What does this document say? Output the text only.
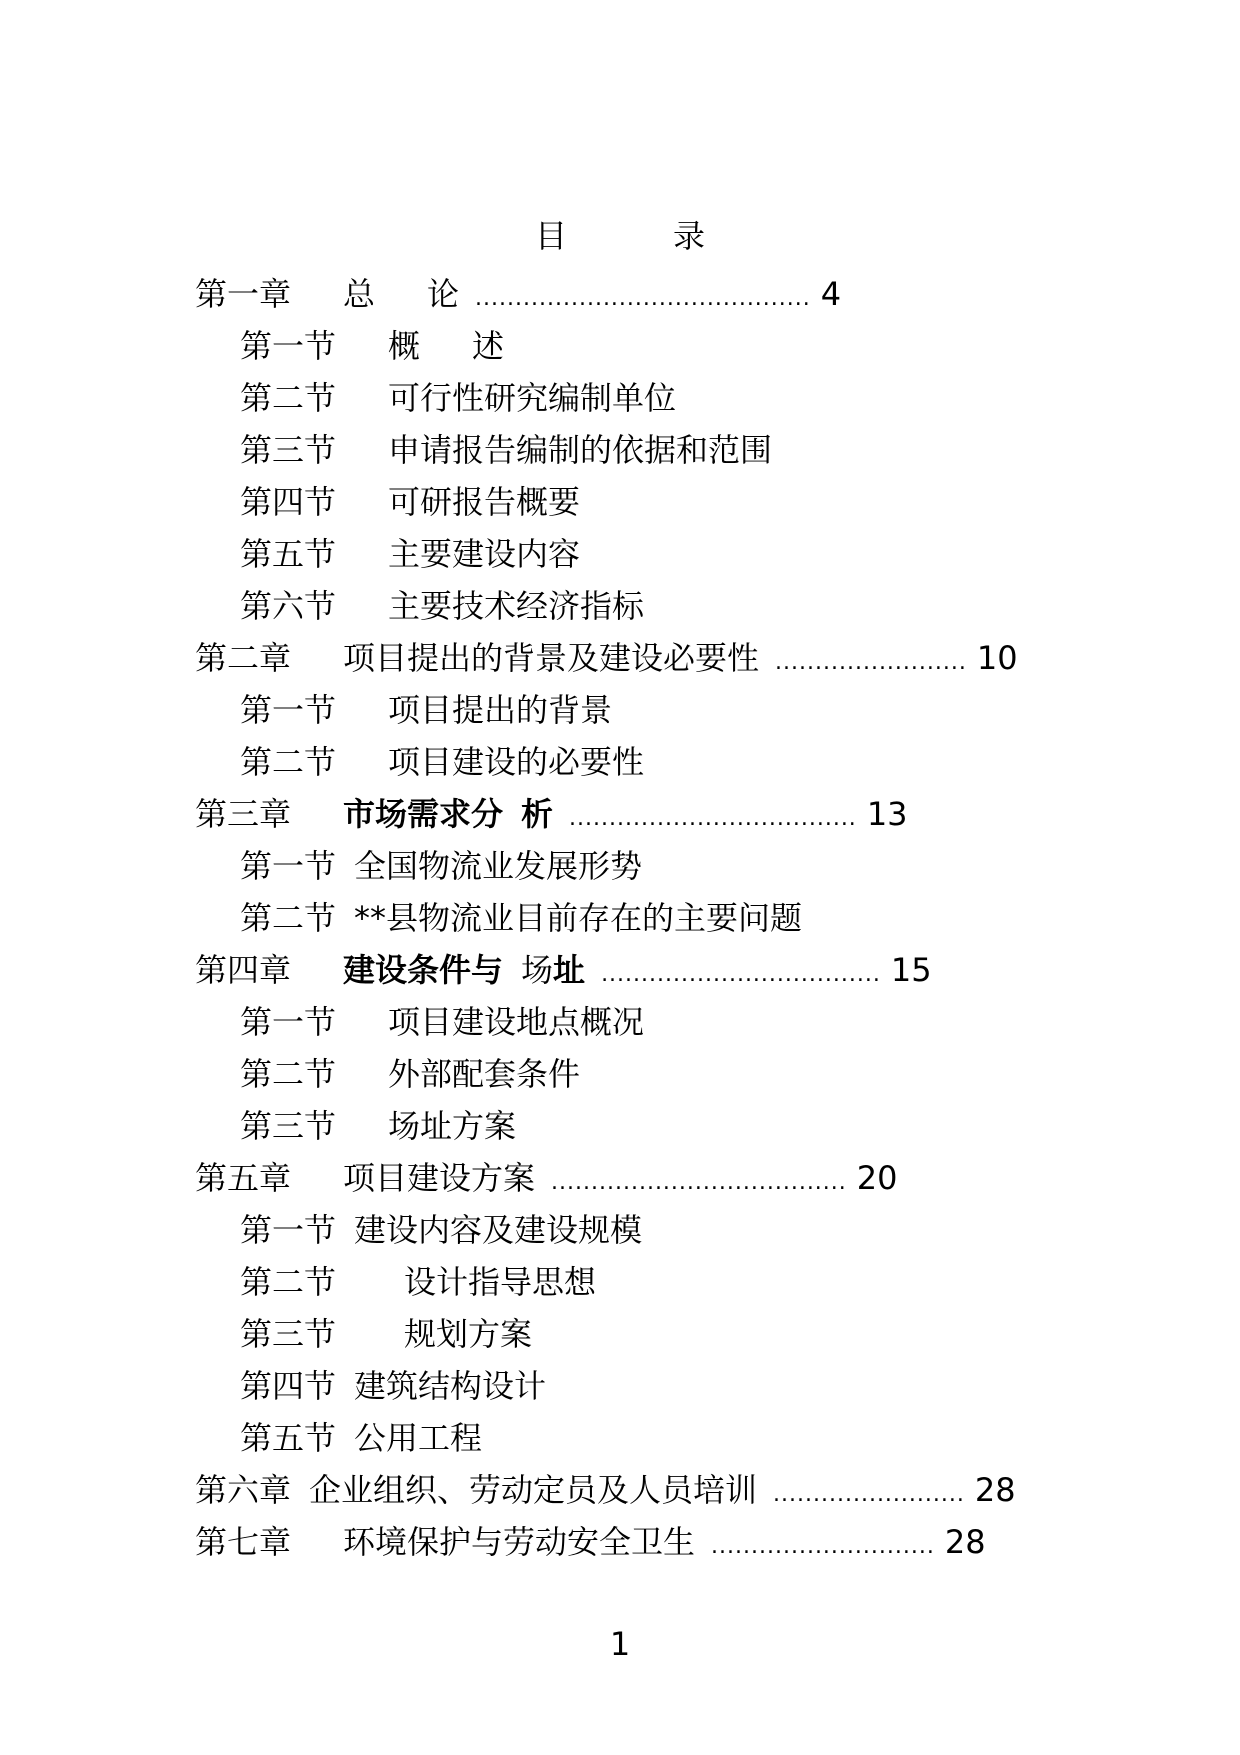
目	录
第一章 总 论 .......................................... 4
第一节 概 述
第二节 可行性研究编制单位
第三节 申请报告编制的依据和范围
第四节 可研报告概要
第五节 主要建设内容
第六节 主要技术经济指标
第二章 项目提出的背景及建设必要性 ........................ 10
第一节 项目提出的背景
第二节 项目建设的必要性
第三章 市场需求分 析 .................................... 13
第一节 全国物流业发展形势
第二节 **县物流业目前存在的主要问题
第四章 建设条件与 场址 ................................... 15
第一节 项目建设地点概况
第二节 外部配套条件
第三节 场址方案
第五章 项目建设方案 ..................................... 20
第一节 建设内容及建设规模
第二节 设计指导思想
第三节 规划方案
第四节 建筑结构设计
第五节 公用工程
第六章 企业组织、劳动定员及人员培训 ........................ 28
第七章 环境保护与劳动安全卫生 ............................ 28
1
